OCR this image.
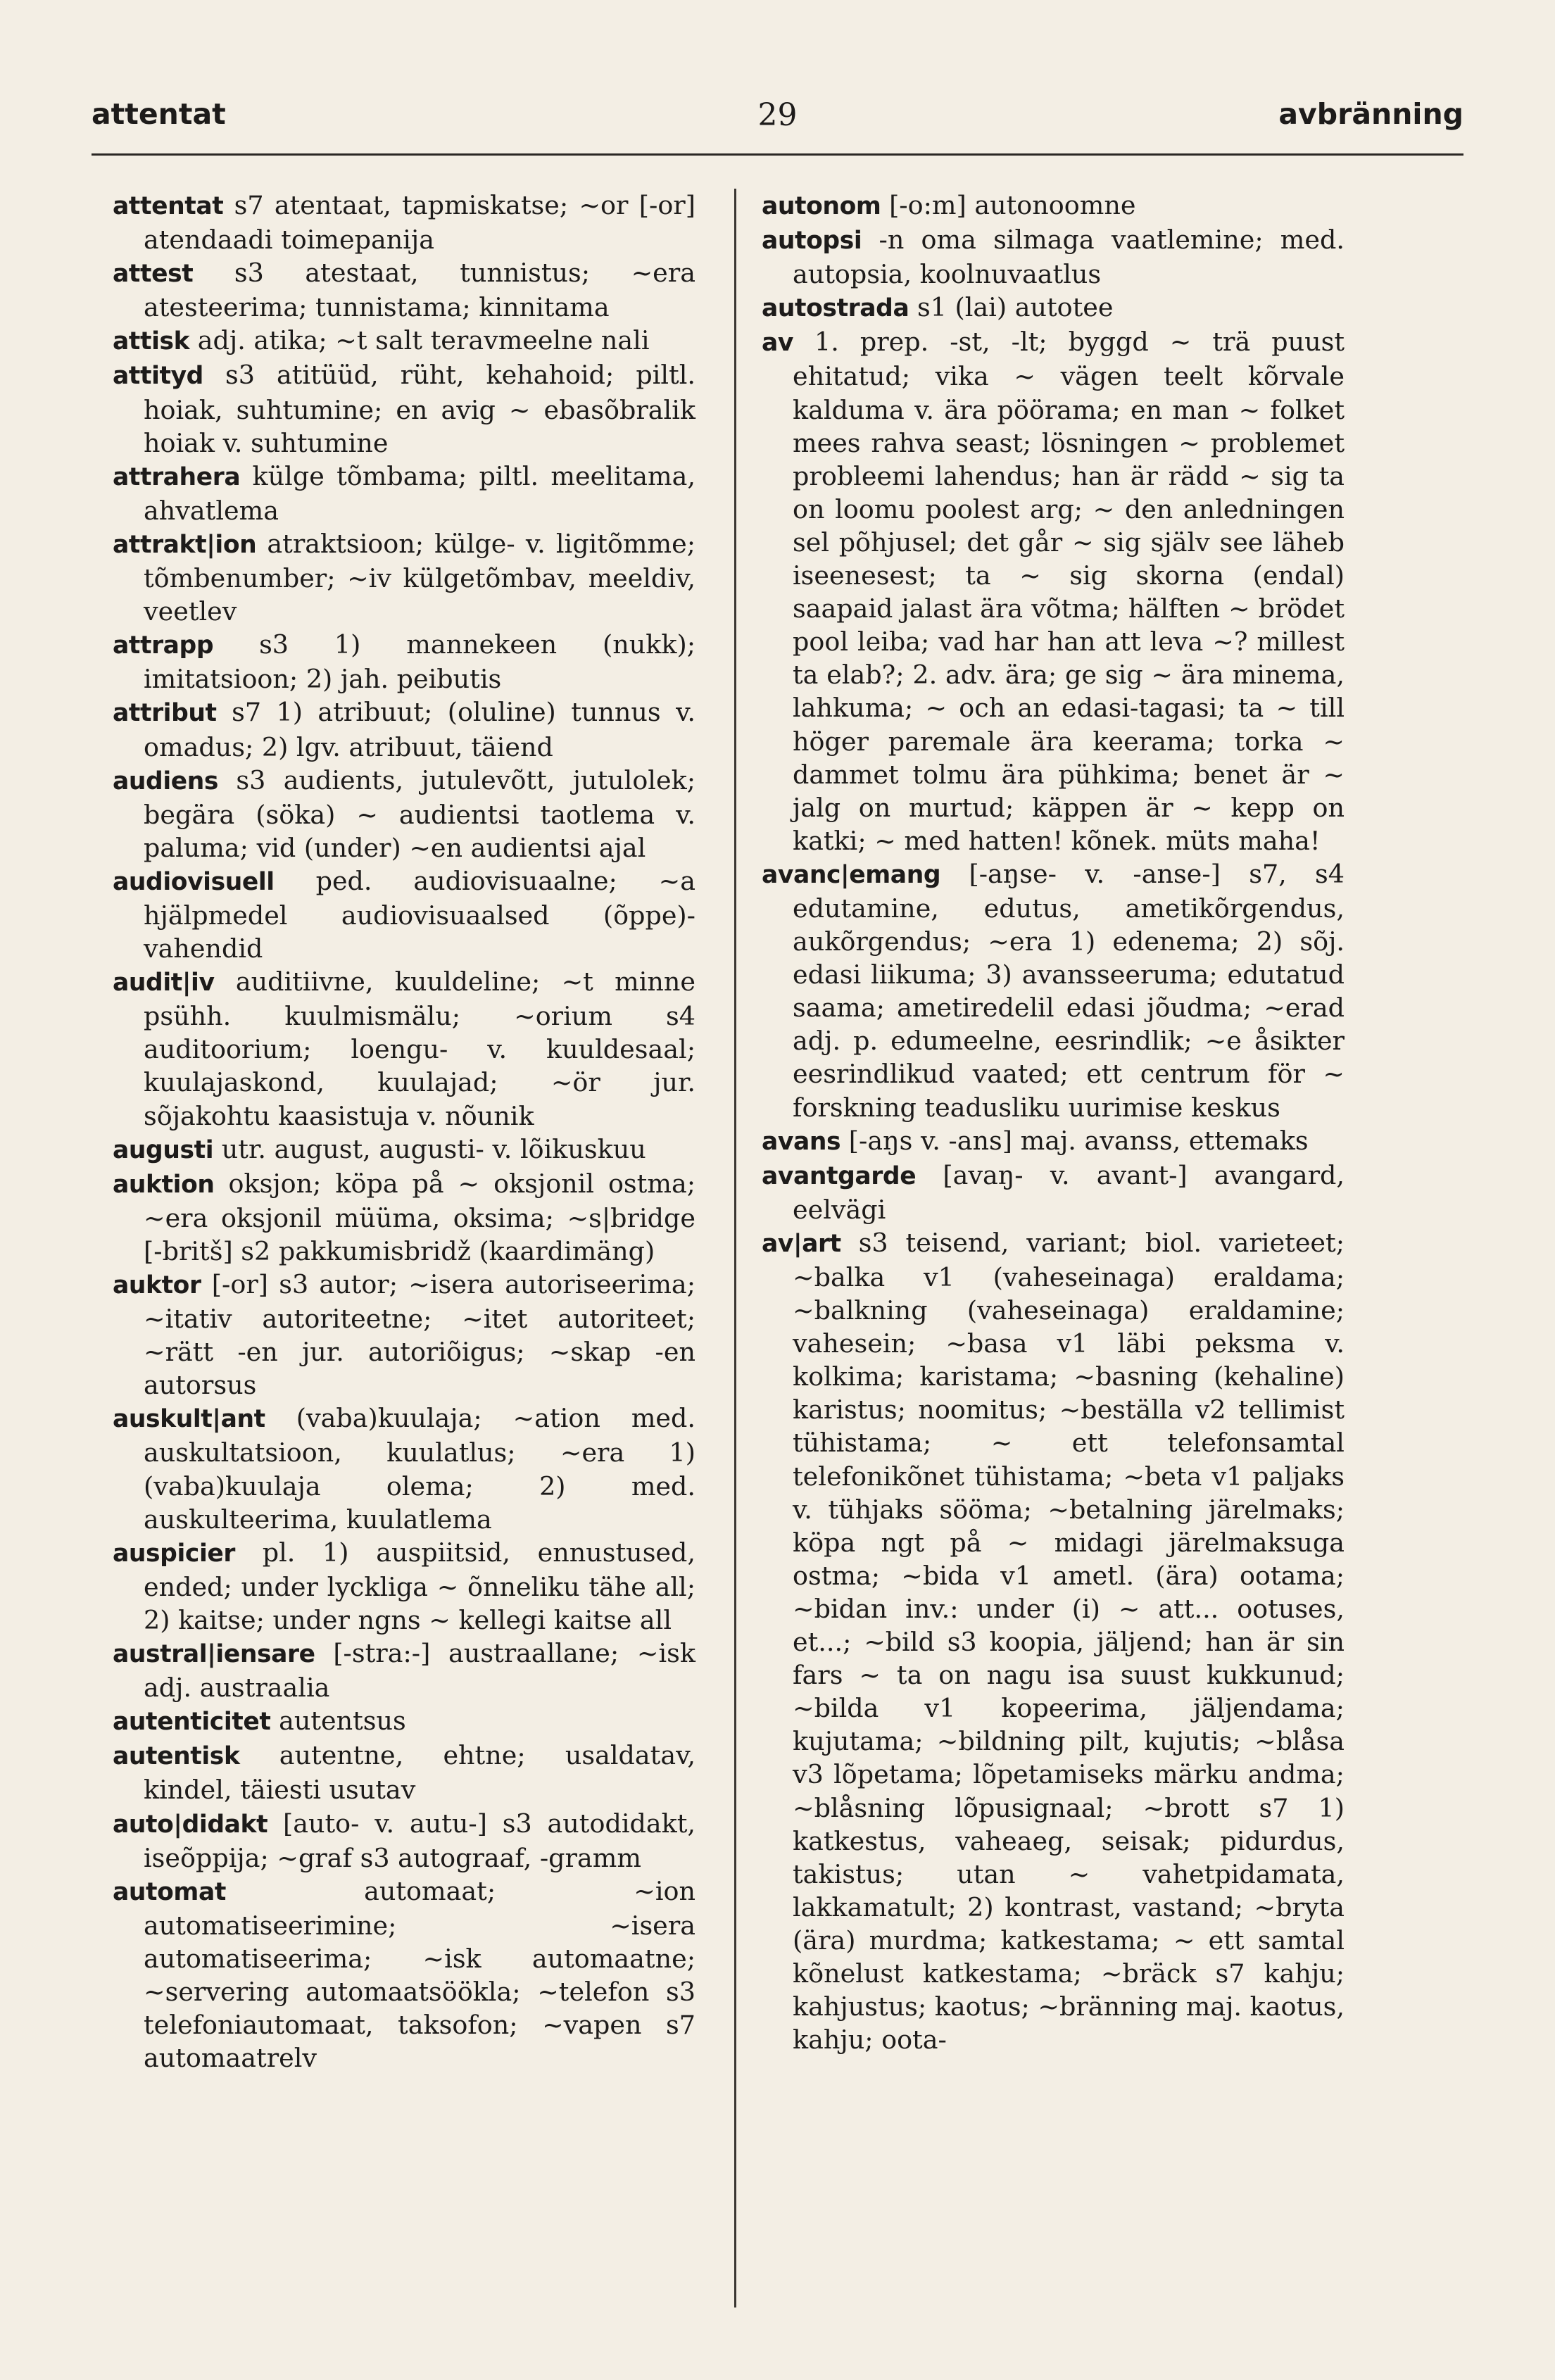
attentat	29	avbränning

attentat s7 atentaat, tapmiskatse; ~or [-or] atendaadi toimepanija

attest s3 atestaat, tunnistus; ~era atesteerima; tunnistama; kinnitama

attisk adj. atika; ~t salt teravmeelne nali

attityd s3 atitüüd, rüht, kehahoid; piltl. hoiak, suhtumine; en avig ~ ebasõbralik hoiak v. suhtumine

attrahera külge tõmbama; piltl. meelitama, ahvatlema

attrakt|ion atraktsioon; külge- v. ligitõmme; tõmbenumber; ~iv külgetõmbav, meeldiv, veetlev

attrapp s3 1) mannekeen (nukk); imitatsioon; 2) jah. peibutis

attribut s7 1) atribuut; (oluline) tunnus v. omadus; 2) lgv. atribuut, täiend

audiens s3 audients, jutulevõtt, jutulolek; begära (söka) ~ audientsi taotlema v. paluma; vid (under) ~en audientsi ajal

audiovisuell ped. audiovisuaalne; ~a hjälpmedel audiovisuaalsed (õppe)-vahendid

audit|iv auditiivne, kuuldeline; ~t minne psühh. kuulmismälu; ~orium s4 auditoorium; loengu- v. kuuldesaal; kuulajaskond, kuulajad; ~ör jur. sõjakohtu kaasistuja v. nõunik

augusti utr. august, augusti- v. lõikuskuu

auktion oksjon; köpa på ~ oksjonil ostma; ~era oksjonil müüma, oksima; ~s|bridge [-britš] s2 pakkumisbridž (kaardimäng)

auktor [-or] s3 autor; ~isera autoriseerima; ~itativ autoriteetne; ~itet autoriteet; ~rätt -en jur. autoriõigus; ~skap -en autorsus

auskult|ant (vaba)kuulaja; ~ation med. auskultatsioon, kuulatlus; ~era 1) (vaba)kuulaja olema; 2) med. auskulteerima, kuulatlema

auspicier pl. 1) auspiitsid, ennustused, ended; under lyckliga ~ õnneliku tähe all; 2) kaitse; under ngns ~ kellegi kaitse all

austral|iensare [-stra:-] austraallane; ~isk adj. austraalia

autenticitet autentsus

autentisk autentne, ehtne; usaldatav, kindel, täiesti usutav

auto|didakt [auto- v. autu-] s3 autodidakt, iseõppija; ~graf s3 autograaf, -gramm

automat	automaat; ~ion automatiseerimine; ~isera automatiseerima; ~isk automaatne; ~servering automaatsöökla; ~telefon s3 telefoniautomaat, taksofon; ~vapen s7 automaatrelv

autonom [-o:m] autonoomne

autopsi -n oma silmaga vaatlemine; med. autopsia, koolnuvaatlus

autostrada s1 (lai) autotee

av 1. prep. -st, -lt; byggd ~ trä puust ehitatud; vika ~ vägen teelt kõrvale kalduma v. ära pöörama; en man ~ folket mees rahva seast; lösningen ~ problemet probleemi lahendus; han är rädd ~ sig ta on loomu poolest arg; ~ den anledningen sel põhjusel; det går ~ sig själv see läheb iseenesest; ta ~ sig skorna (endal) saapaid jalast ära võtma; hälften ~ brödet pool leiba; vad har han att leva ~? millest ta elab?; 2. adv. ära; ge sig ~ ära minema, lahkuma; ~ och an edasi-tagasi; ta ~ till höger paremale ära keerama; torka ~ dammet tolmu ära pühkima; benet är ~ jalg on murtud; käppen är ~ kepp on katki; ~ med hatten! kõnek. müts maha!

avanc|emang [-aŋse- v. -anse-] s7, s4 edutamine, edutus, ametikõrgendus, aukõrgendus; ~era 1) edenema; 2) sõj. edasi liikuma; 3) avansseeruma; edutatud saama; ametiredelil edasi jõudma; ~erad adj. p. edumeelne, eesrindlik; ~e åsikter eesrindlikud vaated; ett centrum för ~ forskning teadusliku uurimise keskus

avans [-aŋs v. -ans] maj. avanss, ettemaks

avantgarde [avaŋ- v. avant-] avangard, eelvägi

av|art s3 teisend, variant; biol. varieteet; ~balka v1 (vaheseinaga) eraldama; ~balkning (vaheseinaga) eraldamine; vahesein; ~basa v1 läbi peksma v. kolkima; karistama; ~basning (kehaline) karistus; noomitus; ~beställa v2 tellimist tühistama; ~ ett telefonsamtal telefonikõnet tühistama; ~beta v1 paljaks v. tühjaks sööma; ~betalning järelmaks; köpa ngt på ~ midagi järelmaksuga ostma; ~bida v1 ametl. (ära) ootama; ~bidan inv.: under (i) ~ att... ootuses, et...; ~bild s3 koopia, jäljend; han är sin fars ~ ta on nagu isa suust kukkunud; ~bilda v1 kopeerima, jäljendama; kujutama; ~bildning pilt, kujutis; ~blåsa v3 lõpetama; lõpetamiseks märku andma; ~blåsning lõpusignaal; ~brott s7 1) katkestus, vaheaeg, seisak; pidurdus, takistus; utan ~ vahetpidamata, lakkamatult; 2) kontrast, vastand; ~bryta (ära) murdma; katkestama; ~ ett samtal kõnelust katkestama; ~bräck s7 kahju; kahjustus; kaotus; ~bränning maj. kaotus, kahju; oota-
